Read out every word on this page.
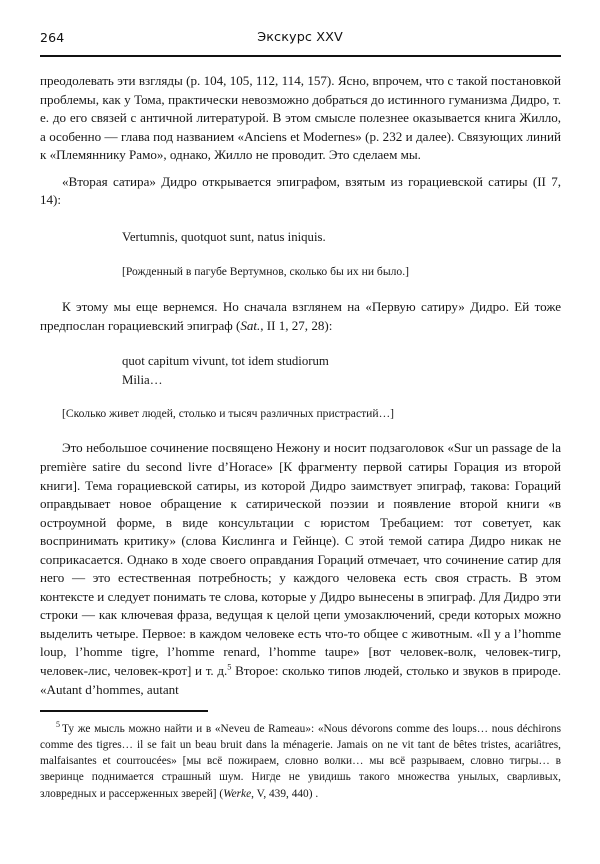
264	Экскурс XXV

преодолевать эти взгляды (p. 104, 105, 112, 114, 157). Ясно, впрочем, что с такой постановкой проблемы, как у Тома, практически невозможно добраться до истинного гуманизма Дидро, т. е. до его связей с античной литературой. В этом смысле полезнее оказывается книга Жилло, а особенно — глава под названием «Anciens et Modernes» (p. 232 и далее). Связующих линий к «Племяннику Рамо», однако, Жилло не проводит. Это сделаем мы.

«Вторая сатира» Дидро открывается эпиграфом, взятым из горациевской сатиры (II 7, 14):

Vertumnis, quotquot sunt, natus iniquis.

[Рожденный в пагубе Вертумнов, сколько бы их ни было.]

К этому мы еще вернемся. Но сначала взглянем на «Первую сатиру» Дидро. Ей тоже предпослан горациевский эпиграф (Sat., II 1, 27, 28):

quot capitum vivunt, tot idem studiorum

Milia…

[Сколько живет людей, столько и тысяч различных пристрастий…]

Это небольшое сочинение посвящено Нежону и носит подзаголовок «Sur un passage de la première satire du second livre d’Horace» [К фрагменту первой сатиры Горация из второй книги]. Тема горациевской сатиры, из которой Дидро заимствует эпиграф, такова: Гораций оправдывает новое обращение к сатирической поэзии и появление второй книги «в остроумной форме, в виде консультации с юристом Требацием: тот советует, как воспринимать критику» (слова Кислинга и Гейнце). С этой темой сатира Дидро никак не соприкасается. Однако в ходе своего оправдания Гораций отмечает, что сочинение сатир для него — это естественная потребность; у каждого человека есть своя страсть. В этом контексте и следует понимать те слова, которые у Дидро вынесены в эпиграф. Для Дидро эти строки — как ключевая фраза, ведущая к целой цепи умозаключений, среди которых можно выделить четыре. Первое: в каждом человеке есть что-то общее с животным. «Il y a l’homme loup, l’homme tigre, l’homme renard, l’homme taupe» [вот человек-волк, человек-тигр, человек-лис, человек-крот] и т. д.$^5$ Второе: сколько типов людей, столько и звуков в природе. «Autant d’hommes, autant

$^5$ Ту же мысль можно найти и в «Neveu de Rameau»: «Nous dévorons comme des loups… nous déchirons comme des tigres… il se fait un beau bruit dans la ménagerie. Jamais on ne vit tant de bêtes tristes, acariâtres, malfaisantes et courroucées» [мы всё пожираем, словно волки… мы всё разрываем, словно тигры… в зверинце поднимается страшный шум. Нигде не увидишь такого множества унылых, сварливых, зловредных и рассерженных зверей] (Werke, V, 439, 440) .
